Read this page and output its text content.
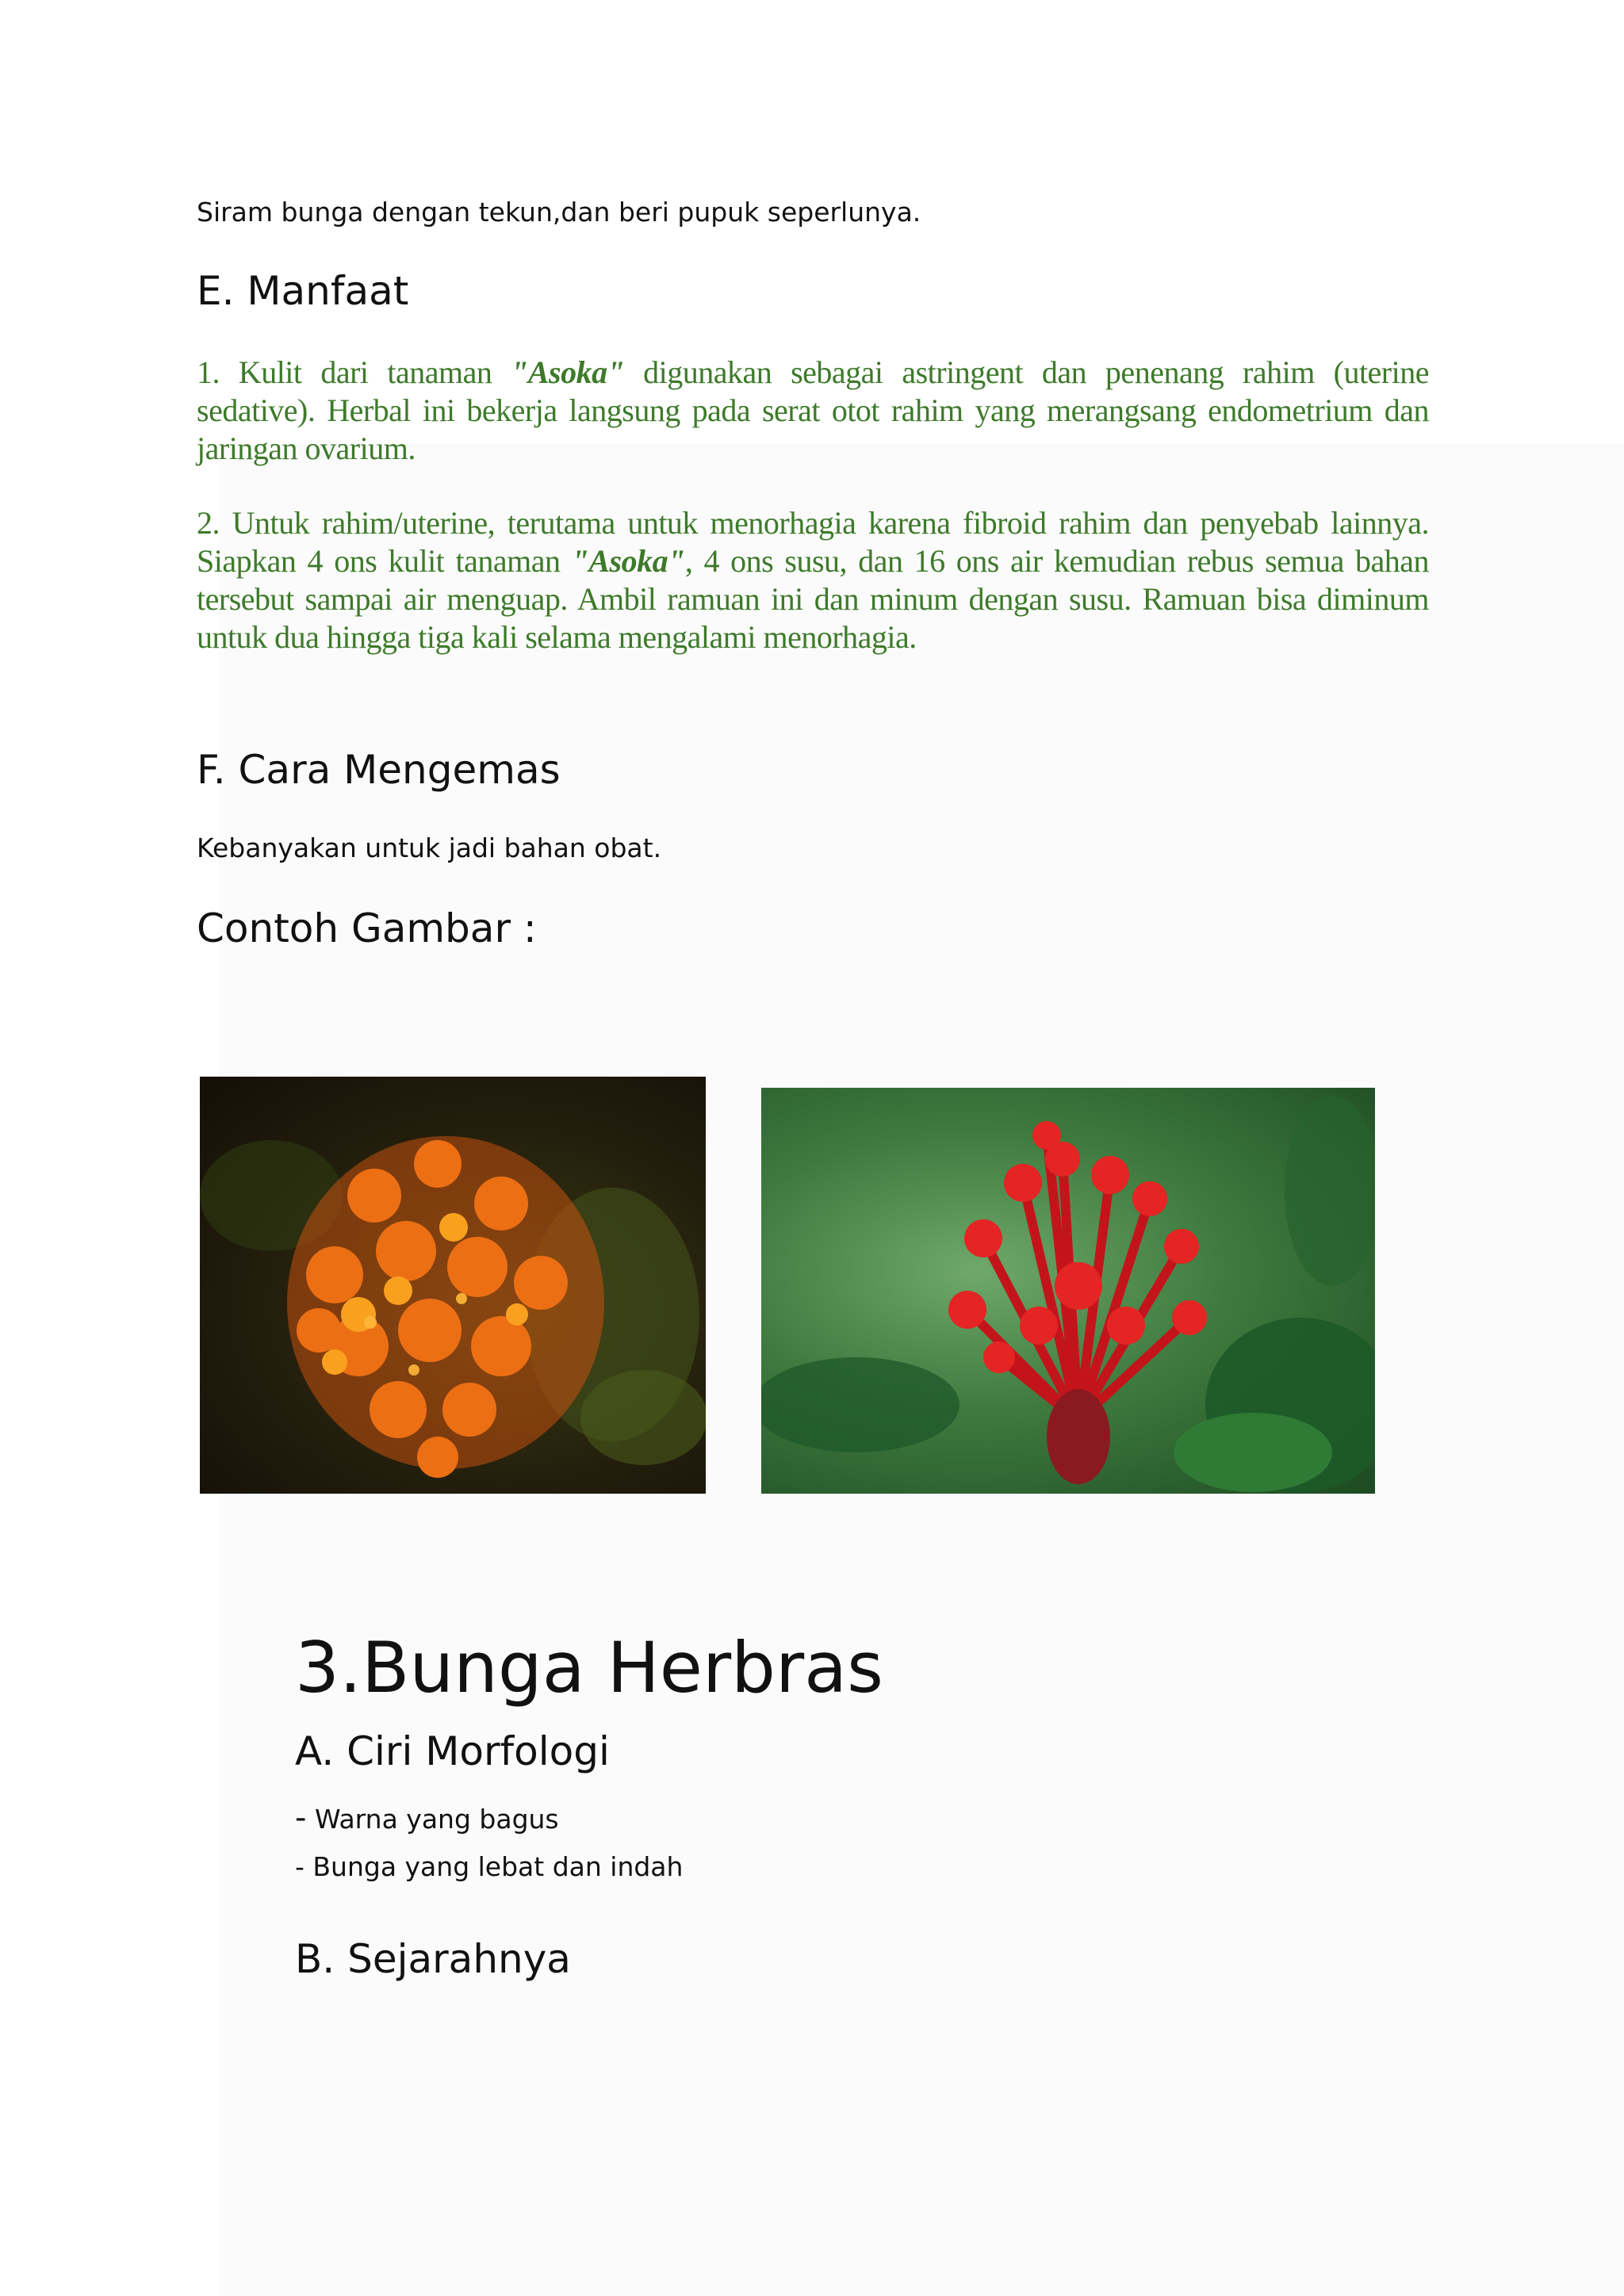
Siram bunga dengan tekun,dan beri pupuk seperlunya.
E. Manfaat
1. Kulit dari tanaman "Asoka" digunakan sebagai astringent dan penenang rahim (uterine sedative). Herbal ini bekerja langsung pada serat otot rahim yang merangsang endometrium dan jaringan ovarium.
2. Untuk rahim/uterine, terutama untuk menorhagia karena fibroid rahim dan penyebab lainnya. Siapkan 4 ons kulit tanaman "Asoka", 4 ons susu, dan 16 ons air kemudian rebus semua bahan tersebut sampai air menguap. Ambil ramuan ini dan minum dengan susu. Ramuan bisa diminum untuk dua hingga tiga kali selama mengalami menorhagia.
F. Cara Mengemas
Kebanyakan untuk jadi bahan obat.
Contoh Gambar :
3.Bunga Herbras
A. Ciri Morfologi
- Warna yang bagus
- Bunga yang lebat dan indah
B. Sejarahnya
